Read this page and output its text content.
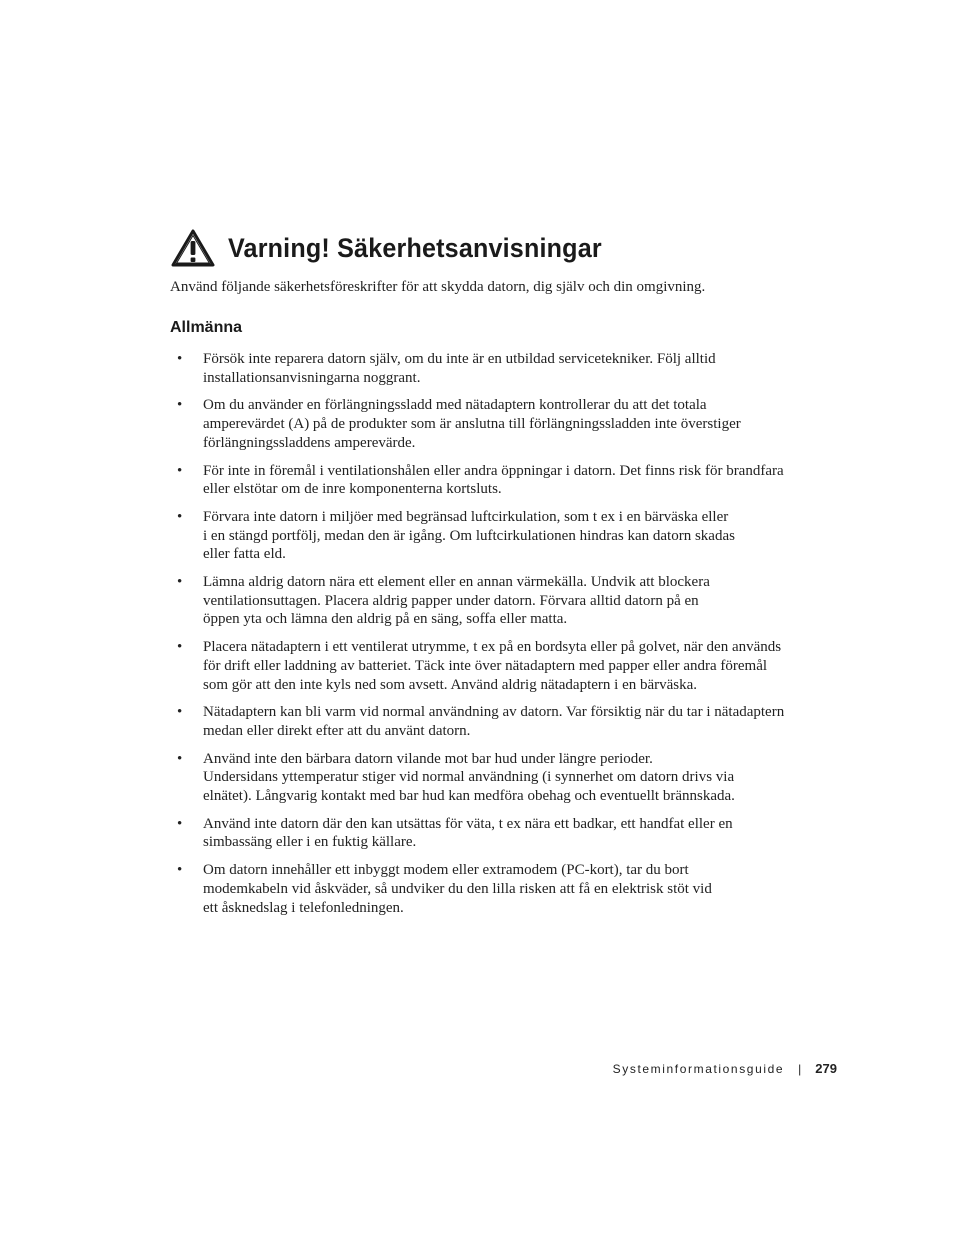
Varning! Säkerhetsanvisningar
Använd följande säkerhetsföreskrifter för att skydda datorn, dig själv och din omgivning.
Allmänna
• Försök inte reparera datorn själv, om du inte är en utbildad servicetekniker. Följ alltid
installationsanvisningarna noggrant.
• Om du använder en förlängningssladd med nätadaptern kontrollerar du att det totala
amperevärdet (A) på de produkter som är anslutna till förlängningssladden inte överstiger
förlängningssladdens amperevärde.
• För inte in föremål i ventilationshålen eller andra öppningar i datorn. Det finns risk för brandfara
eller elstötar om de inre komponenterna kortsluts.
• Förvara inte datorn i miljöer med begränsad luftcirkulation, som t ex i en bärväska eller
i en stängd portfölj, medan den är igång. Om luftcirkulationen hindras kan datorn skadas
eller fatta eld.
• Lämna aldrig datorn nära ett element eller en annan värmekälla. Undvik att blockera
ventilationsuttagen. Placera aldrig papper under datorn. Förvara alltid datorn på en
öppen yta och lämna den aldrig på en säng, soffa eller matta.
• Placera nätadaptern i ett ventilerat utrymme, t ex på en bordsyta eller på golvet, när den används
för drift eller laddning av batteriet. Täck inte över nätadaptern med papper eller andra föremål
som gör att den inte kyls ned som avsett. Använd aldrig nätadaptern i en bärväska.
• Nätadaptern kan bli varm vid normal användning av datorn. Var försiktig när du tar i nätadaptern
medan eller direkt efter att du använt datorn.
• Använd inte den bärbara datorn vilande mot bar hud under längre perioder.
Undersidans yttemperatur stiger vid normal användning (i synnerhet om datorn drivs via
elnätet). Långvarig kontakt med bar hud kan medföra obehag och eventuellt brännskada.
• Använd inte datorn där den kan utsättas för väta, t ex nära ett badkar, ett handfat eller en
simbassäng eller i en fuktig källare.
• Om datorn innehåller ett inbyggt modem eller extramodem (PC-kort), tar du bort
modemkabeln vid åskväder, så undviker du den lilla risken att få en elektrisk stöt vid
ett åsknedslag i telefonledningen.
Systeminformationsguide | 279
